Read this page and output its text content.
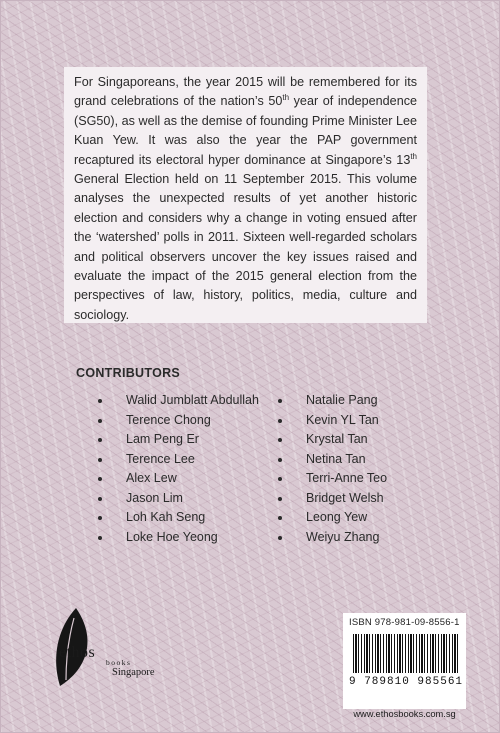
For Singaporeans, the year 2015 will be remembered for its grand celebrations of the nation’s 50th year of independence (SG50), as well as the demise of founding Prime Minister Lee Kuan Yew. It was also the year the PAP government recaptured its electoral hyper dominance at Singapore’s 13th General Election held on 11 September 2015. This volume analyses the unexpected results of yet another historic election and considers why a change in voting ensued after the ‘watershed’ polls in 2011. Sixteen well-regarded scholars and political observers uncover the key issues raised and evaluate the impact of the 2015 general election from the perspectives of law, history, politics, media, culture and sociology.

CONTRIBUTORS
Walid Jumblatt Abdullah
Terence Chong
Lam Peng Er
Terence Lee
Alex Lew
Jason Lim
Loh Kah Seng
Loke Hoe Yeong
Natalie Pang
Kevin YL Tan
Krystal Tan
Netina Tan
Terri-Anne Teo
Bridget Welsh
Leong Yew
Weiyu Zhang
ethos
books
Singapore
ISBN 978-981-09-8556-1
9 789810 985561
www.ethosbooks.com.sg
